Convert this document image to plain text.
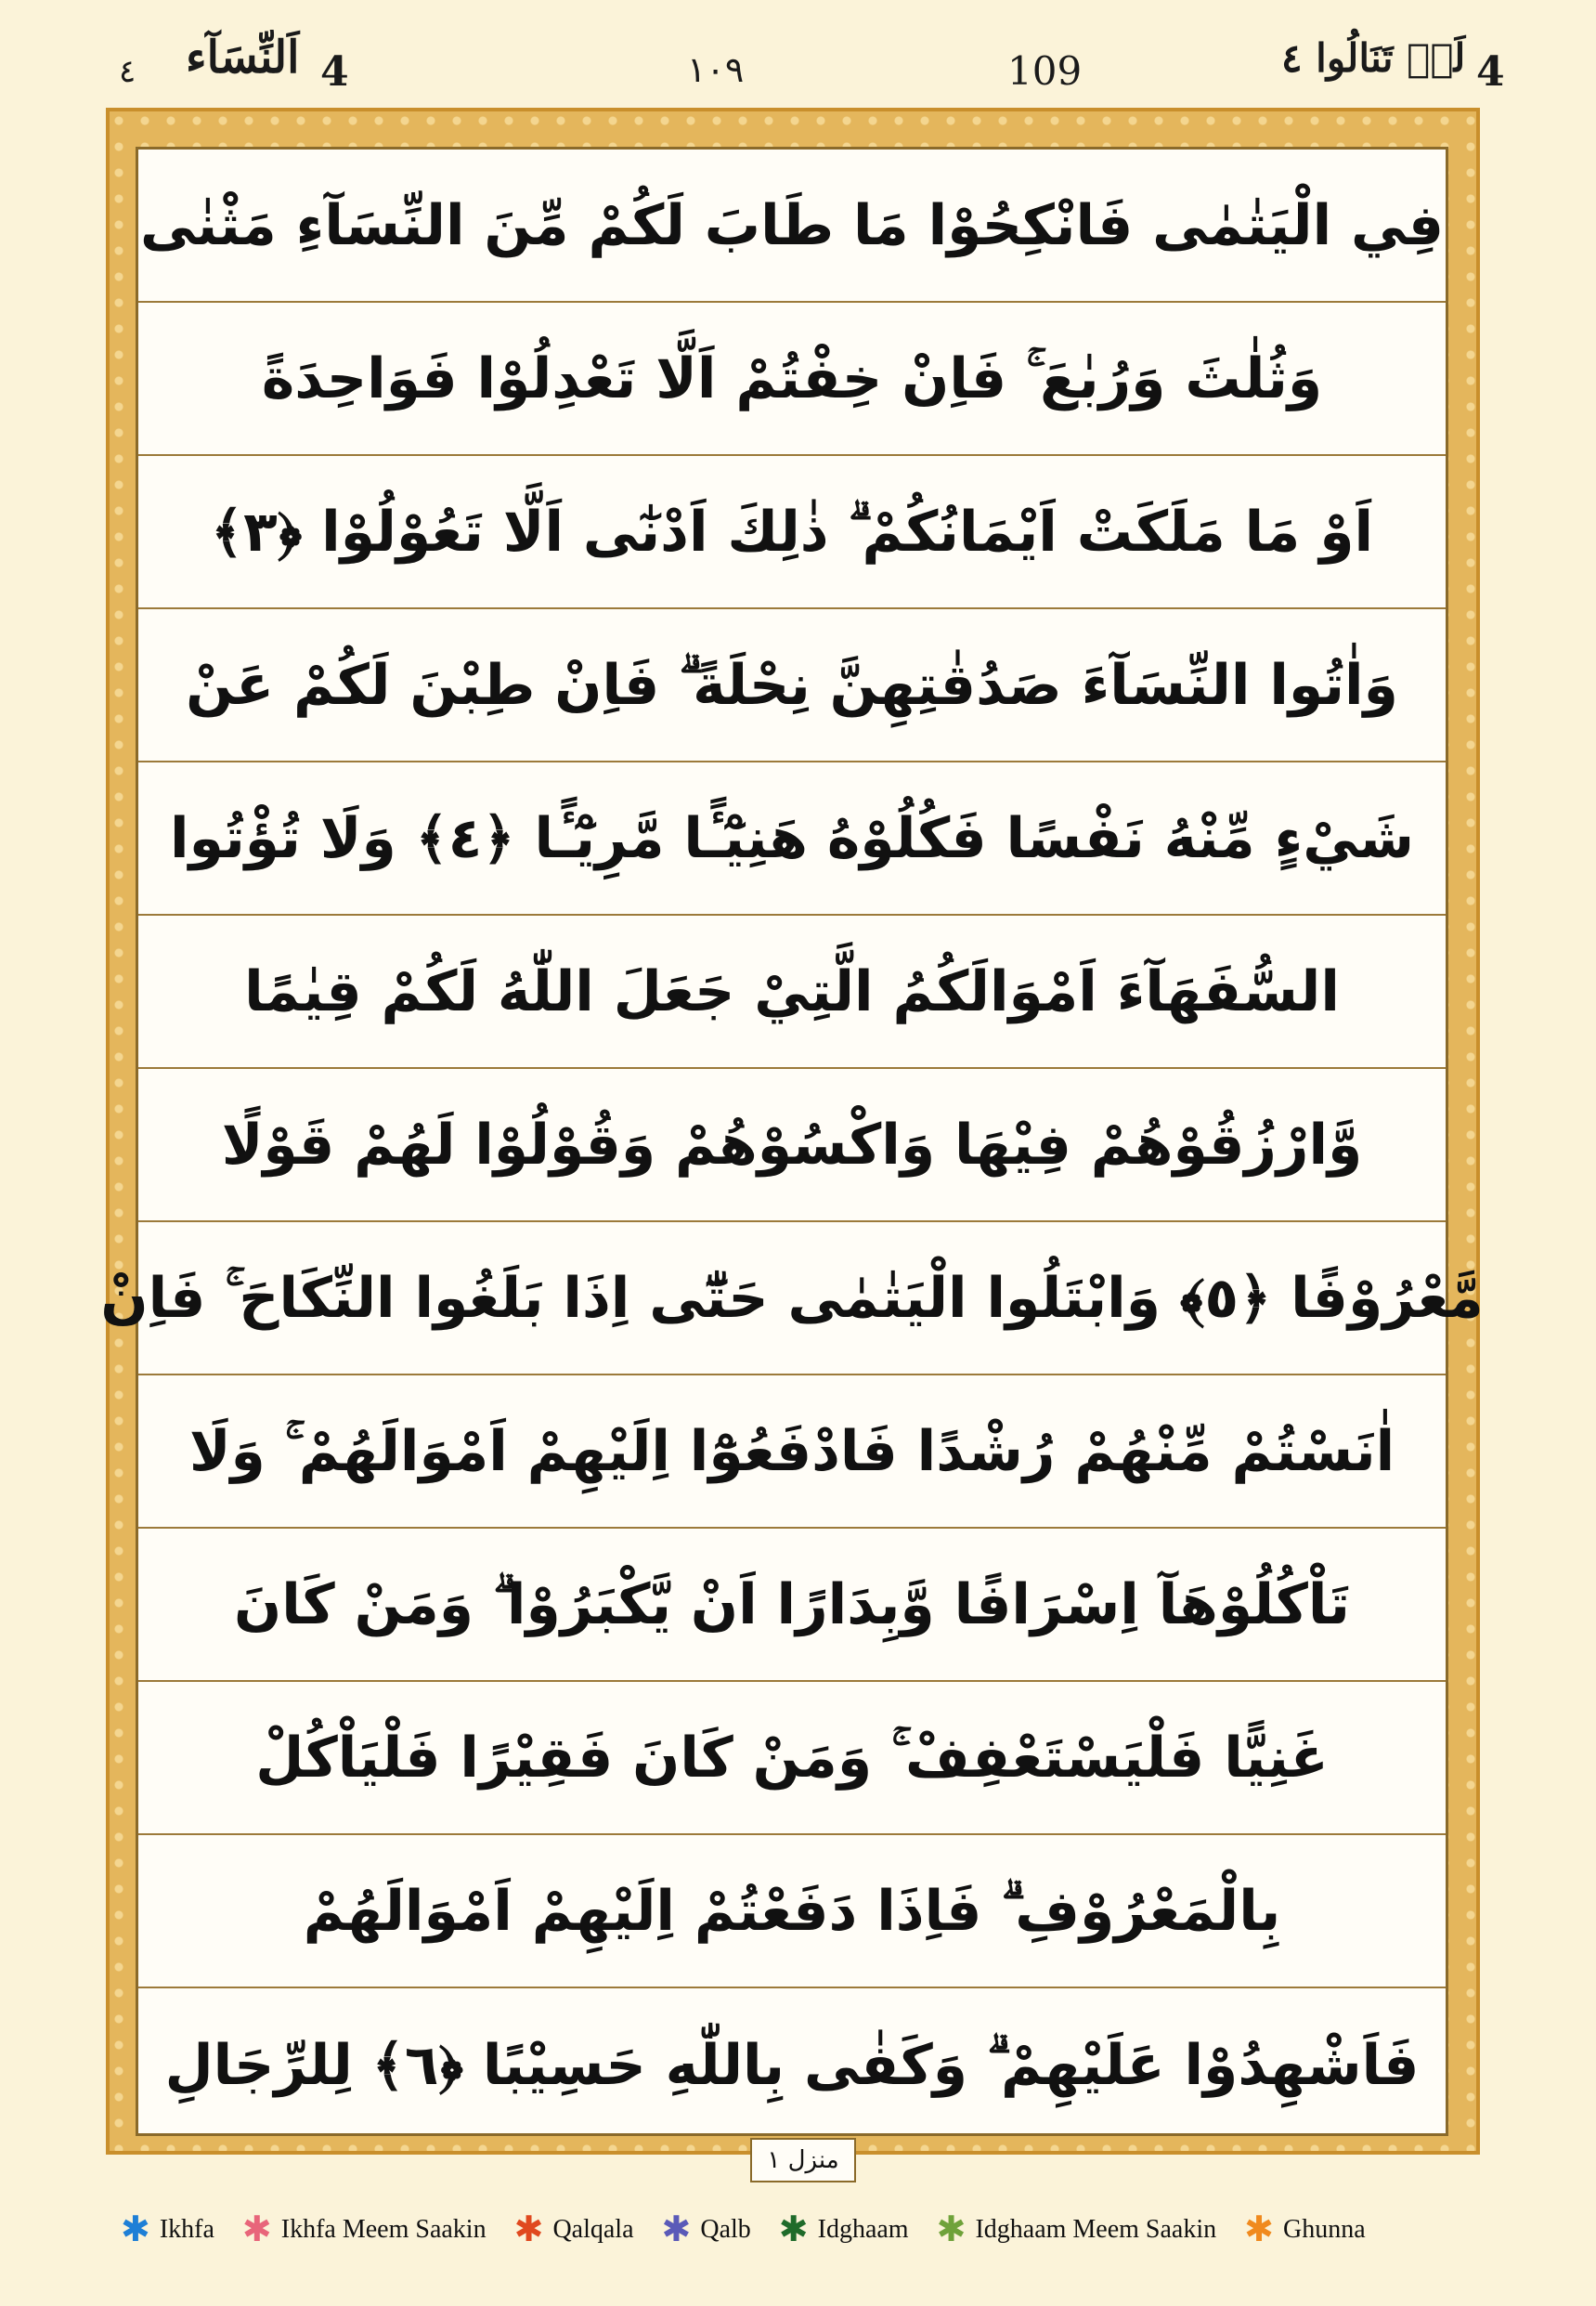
٤ اَلنِّسَآء 4	١٠٩	109	لَنۡ تَنَالُوا ٤ 4
فِي الْيَتٰمٰى فَانْكِحُوْا مَا طَابَ لَكُمْ مِّنَ النِّسَآءِ مَثْنٰى
وَثُلٰثَ وَرُبٰعَ ۚ فَاِنْ خِفْتُمْ اَلَّا تَعْدِلُوْا فَوَاحِدَةً
اَوْ مَا مَلَكَتْ اَيْمَانُكُمْ ۗ ذٰلِكَ اَدْنٰٓى اَلَّا تَعُوْلُوْا ﴿٣﴾
وَاٰتُوا النِّسَآءَ صَدُقٰتِهِنَّ نِحْلَةً ۗ فَاِنْ طِبْنَ لَكُمْ عَنْ
شَيْءٍ مِّنْهُ نَفْسًا فَكُلُوْهُ هَنِيْٓـًٔا مَّرِيْٓـًٔا ﴿٤﴾ وَلَا تُؤْتُوا
السُّفَهَآءَ اَمْوَالَكُمُ الَّتِيْ جَعَلَ اللّٰهُ لَكُمْ قِيٰمًا
وَّارْزُقُوْهُمْ فِيْهَا وَاكْسُوْهُمْ وَقُوْلُوْا لَهُمْ قَوْلًا
مَّعْرُوْفًا ﴿٥﴾ وَابْتَلُوا الْيَتٰمٰى حَتّٰٓى اِذَا بَلَغُوا النِّكَاحَ ۚ فَاِنْ
اٰنَسْتُمْ مِّنْهُمْ رُشْدًا فَادْفَعُوْٓا اِلَيْهِمْ اَمْوَالَهُمْ ۚ وَلَا
تَاْكُلُوْهَآ اِسْرَافًا وَّبِدَارًا اَنْ يَّكْبَرُوْا ۗ وَمَنْ كَانَ
غَنِيًّا فَلْيَسْتَعْفِفْ ۚ وَمَنْ كَانَ فَقِيْرًا فَلْيَاْكُلْ
بِالْمَعْرُوْفِ ۗ فَاِذَا دَفَعْتُمْ اِلَيْهِمْ اَمْوَالَهُمْ
فَاَشْهِدُوْا عَلَيْهِمْ ۗ وَكَفٰى بِاللّٰهِ حَسِيْبًا ﴿٦﴾ لِلرِّجَالِ
منزل ١
✱ Ikhfa ✱ Ikhfa Meem Saakin ✱ Qalqala ✱ Qalb ✱ Idghaam ✱ Idghaam Meem Saakin ✱ Ghunna
